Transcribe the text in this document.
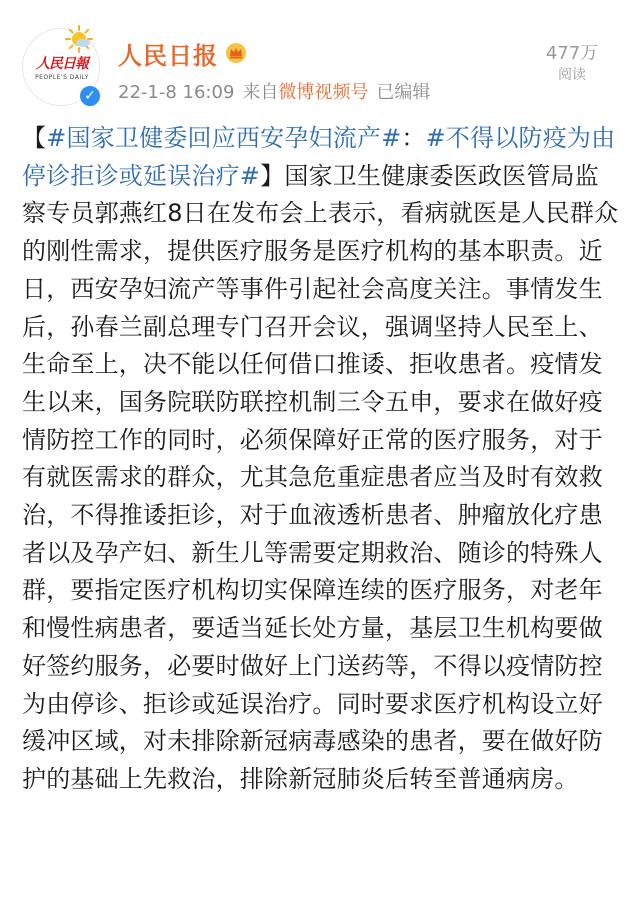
人民日報
PEOPLE'S DAILY
✓
人民日报
22-1-8 16:09 来自微博视频号 已编辑
477万
阅读
【#国家卫健委回应西安孕妇流产#：#不得以防疫为由停诊拒诊或延误治疗#】国家卫生健康委医政医管局监察专员郭燕红8日在发布会上表示，看病就医是人民群众的刚性需求，提供医疗服务是医疗机构的基本职责。近日，西安孕妇流产等事件引起社会高度关注。事情发生后，孙春兰副总理专门召开会议，强调坚持人民至上、生命至上，决不能以任何借口推诿、拒收患者。疫情发生以来，国务院联防联控机制三令五申，要求在做好疫情防控工作的同时，必须保障好正常的医疗服务，对于有就医需求的群众，尤其急危重症患者应当及时有效救治，不得推诿拒诊，对于血液透析患者、肿瘤放化疗患者以及孕产妇、新生儿等需要定期救治、随诊的特殊人群，要指定医疗机构切实保障连续的医疗服务，对老年和慢性病患者，要适当延长处方量，基层卫生机构要做好签约服务，必要时做好上门送药等，不得以疫情防控为由停诊、拒诊或延误治疗。同时要求医疗机构设立好缓冲区域，对未排除新冠病毒感染的患者，要在做好防护的基础上先救治，排除新冠肺炎后转至普通病房。
